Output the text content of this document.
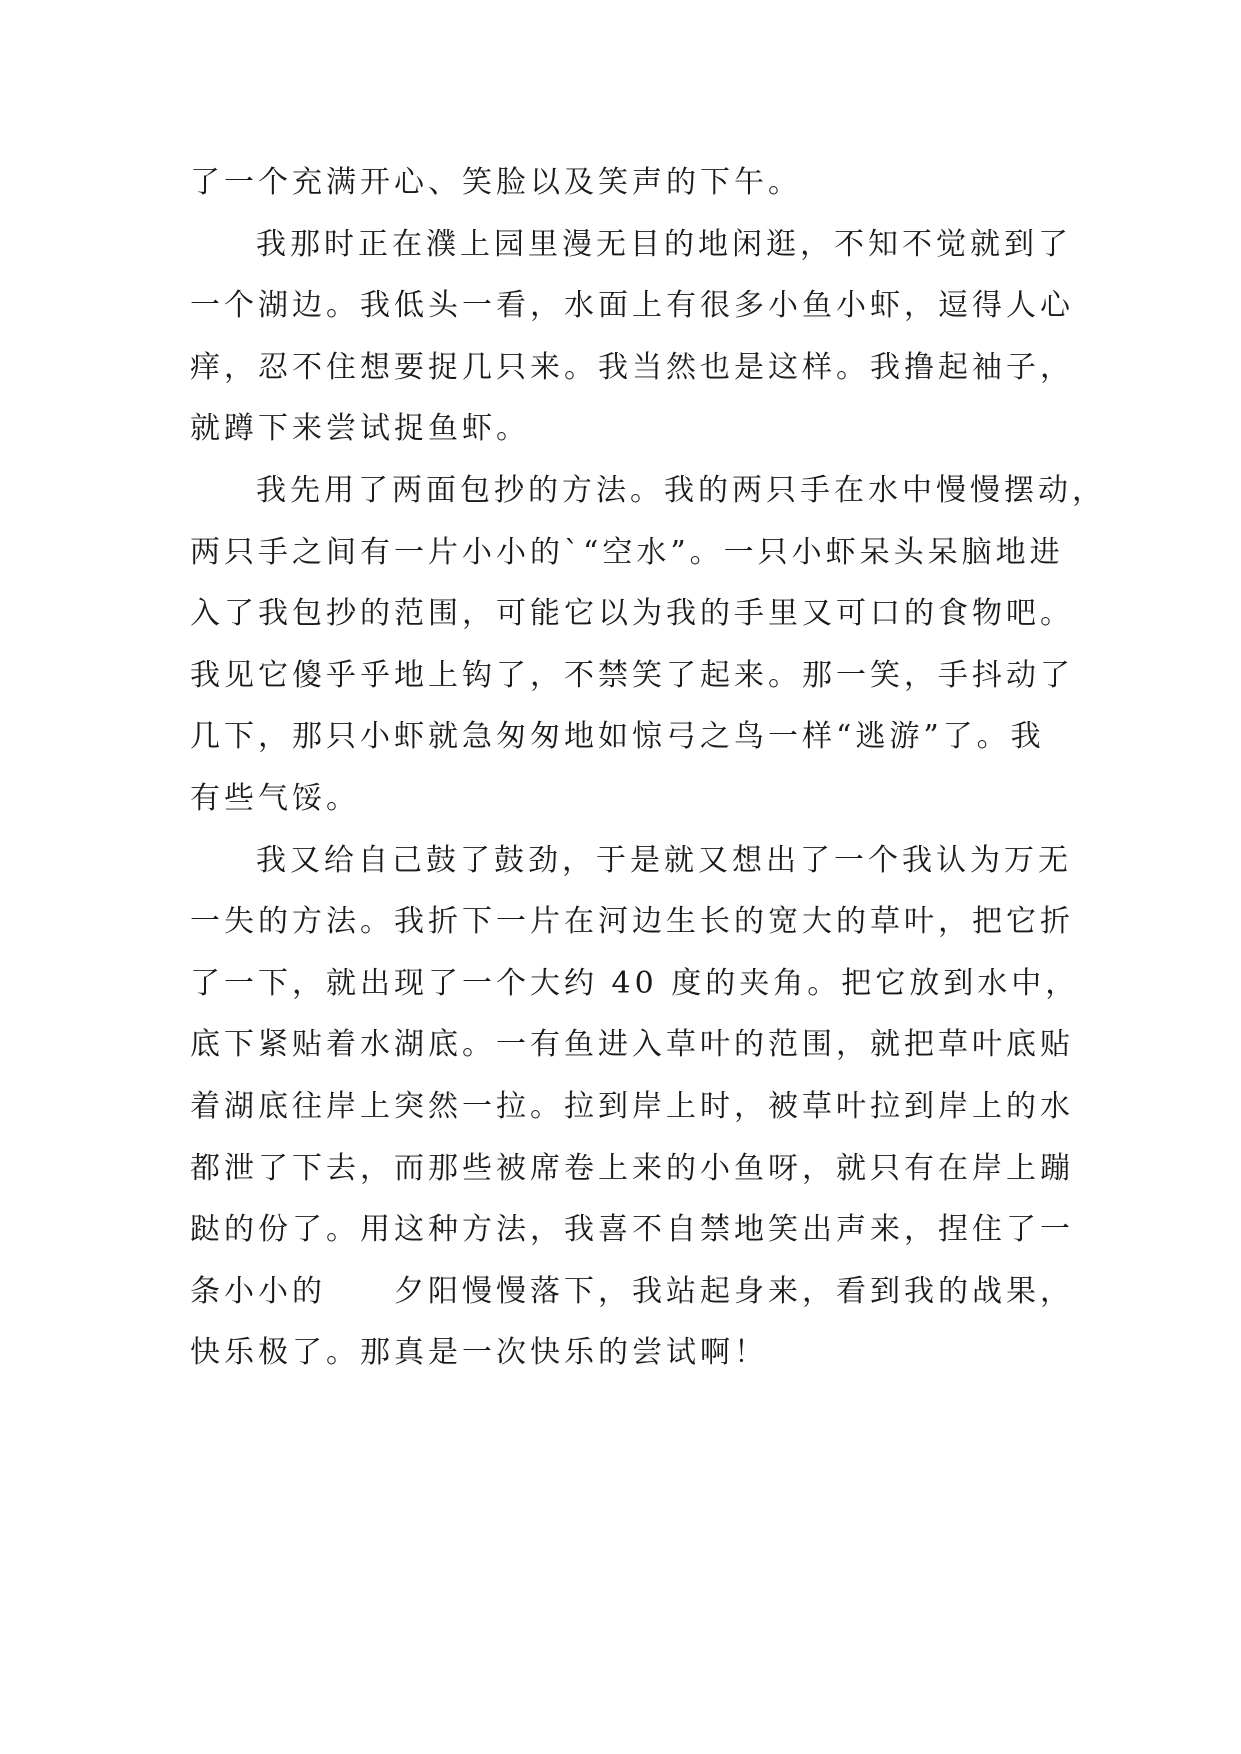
了一个充满开心、笑脸以及笑声的下午。
我那时正在濮上园里漫无目的地闲逛，不知不觉就到了
一个湖边。我低头一看，水面上有很多小鱼小虾，逗得人心
痒，忍不住想要捉几只来。我当然也是这样。我撸起袖子，
就蹲下来尝试捉鱼虾。
我先用了两面包抄的方法。我的两只手在水中慢慢摆动，
两只手之间有一片小小的`“空水”。一只小虾呆头呆脑地进
入了我包抄的范围，可能它以为我的手里又可口的食物吧。
我见它傻乎乎地上钩了，不禁笑了起来。那一笑，手抖动了
几下，那只小虾就急匆匆地如惊弓之鸟一样“逃游”了。我
有些气馁。
我又给自己鼓了鼓劲，于是就又想出了一个我认为万无
一失的方法。我折下一片在河边生长的宽大的草叶，把它折
了一下，就出现了一个大约 40 度的夹角。把它放到水中，
底下紧贴着水湖底。一有鱼进入草叶的范围，就把草叶底贴
着湖底往岸上突然一拉。拉到岸上时，被草叶拉到岸上的水
都泄了下去，而那些被席卷上来的小鱼呀，就只有在岸上蹦
跶的份了。用这种方法，我喜不自禁地笑出声来，捏住了一
条小小的　　夕阳慢慢落下，我站起身来，看到我的战果，
快乐极了。那真是一次快乐的尝试啊！
